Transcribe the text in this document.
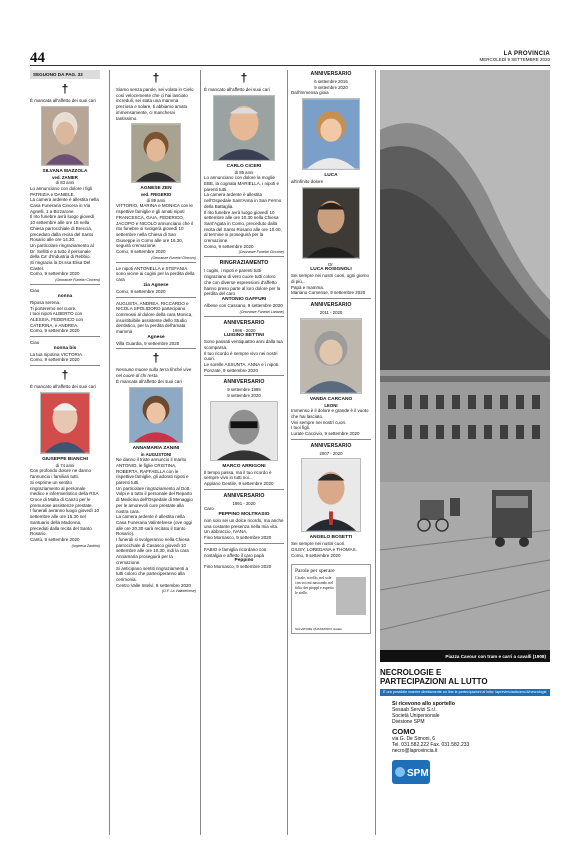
44	LA PROVINCIA
MERCOLEDÌ 9 SETTEMBRE 2020
SEGUONO DA PAG. 32
†
È mancata all'affetto dei suoi cari
SILVANA MAZZOLA
ved. ZANIER
di 83 anni
Lo annunciano con dolore i figli PATRIZIA e DANIELE.
La camera ardente è allestita nella Casa Funeraria Cincera in Via Agnelli, 1 a Bizzarone.
Il rito funebre avrà luogo giovedì 10 settembre alle ore 15 nella Chiesa parrocchiale di Breccia, preceduto dalla recita del Santo Rosario alle ore 14.30.
Un particolare ringraziamento al Dr. Sellitti e a tutto il personale della Ca' d'Industria di Rebbio.
Si ringrazia la Dr.ssa Elisa Del Castel.
Como, 9 settembre 2020
(Onoranze Funebri Cincera)
Ciao
nonna
Riposa serena.
Ti porteremo nel cuore.
I tuoi nipoti ALBERTO con ALESSIA, FEDERICO con CATERINA, e ANDREA.
Como, 9 settembre 2020
Ciao
nonna bis
La tua nipotina VICTORIA.
Como, 9 settembre 2020
†
È mancato all'affetto dei suoi cari
GIUSEPPE BIANCHI
di 74 anni
Con profondo dolore ne danno l'annuncio i familiari tutti.
Si esprime un sentito ringraziamento al personale medico e infermieristico della RSA Croce di Malta di Canzo per le premurose assistenze prestate.
I funerali avranno luogo giovedì 10 settembre alle ore 15.30 nel Santuario della Madonna, preceduti dalla recita del Santo Rosario.
Cantù, 9 settembre 2020
(Impresa Zanfrini)
†
Siamo senza parole, sei volata in Cielo così velocemente che ci hai lasciato increduli, sei stata una mamma preziosa e solare, ti abbiamo amato immensamente, ci mancherai tantissimo.
AGNESE ZEN
ved. FRIGERIO
di 89 anni
VITTORIO, MARINA e MONICA con le rispettive famiglie e gli amati nipoti FRANCESCA, GAIA, FEDERICO, JACOPO e NICOLÒ annunciano che il rito funebre si svolgerà giovedì 10 settembre nella Chiesa di San Giuseppe in Como alle ore 16.30, seguirà cremazione.
Como, 9 settembre 2020
(Onoranze Funebri Dincoro)
Le nipoti ANTONELLA e STEFANIA sono vicine ai cugini per la perdita della cara
zia Agnese
Como, 9 settembre 2020
AUGUSTA, ANDREA, RICCARDO e NICOLA SPOLIDORO partecipano commossi al dolore della cara Monica, insostituibile assistente dello Studio dentistico, per la perdita dell'amata mamma
Agnese
Villa Guardia, 9 settembre 2020
†
Nessuno muore sulla terra finché vive nel cuore di chi resta.
È mancata all'affetto dei suoi cari
ANNAMARIA ZANINI
in AUGUSTONI
Ne danno il triste annuncio il marito ANTONIO, le figlie CRISTINA, ROBERTA, RAFFAELLA con le rispettive famiglie, gli adorati nipoti e parenti tutti.
Un particolare ringraziamento al Dott. Volpi e a tutto il personale del Reparto di Medicina dell'Ospedale di Menaggio per le amorevoli cure prestate alla nostra cara.
La camera ardente è allestita nella Casa Funeraria Valintelvese (ove oggi alle ore 20.30 sarà recitato il Santo Rosario).
I funerali si svolgeranno nella Chiesa parrocchiale di Casasco giovedì 10 settembre alle ore 10.30, indi la cara Annamaria proseguirà per la cremazione.
Si anticipano sentiti ringraziamenti a tutti coloro che parteciperanno alla cerimonia.
Centro Valle Intelvi, 9 settembre 2020
(O.F. La Valintelvese)
†
È mancato all'affetto dei suoi cari
CARLO CICERI
di 85 anni
Lo annunciano con dolore la moglie EBE, la cognata MARIELLA, i nipoti e parenti tutti.
La camera ardente è allestita nell'Ospedale Sant'Anna in San Fermo della Battaglia.
Il rito funebre avrà luogo giovedì 10 settembre alle ore 10.30 nella Chiesa Sant'Agata in Como, preceduto dalla recita del Santo Rosario alle ore 10.00, al termine si proseguirà per la cremazione.
Como, 9 settembre 2020
(Onoranze Funebri Ciccone)
RINGRAZIAMENTO
I cugini, i nipoti e parenti tutti ringraziano di vero cuore tutti coloro che con diverse espressioni d'affetto hanno preso parte al loro dolore per la perdita del caro
ANTONIO GAFFURI
Albese con Cassano, 9 settembre 2020
(Onoranze Funebri Lariane)
ANNIVERSARIO
1996 - 2020
LUIGINO BETTINI
Sono passati ventiquattro anni dalla tua scomparsa.
Il tuo ricordo è sempre vivo nei nostri cuori.
Le sorelle ASSUNTA, ANNA e i nipoti.
Ponzate, 9 settembre 2020
ANNIVERSARIO
9 settembre 1995
9 settembre 2020
MARCO ARRIGONI
Il tempo passa, ma il tuo ricordo è sempre vivo in tutti noi...
Appiano Gentile, 9 settembre 2020
ANNIVERSARIO
1991 - 2020
Caro
PEPPINO MOLTRASIO
non solo sei un dolce ricordo, ma anche una costante presenza nella mia vita.
Un abbraccio, IVANA.
Fino Mornasco, 9 settembre 2020
FABIO e famiglia ricordano con nostalgia e affetto il caro papà
Peppino
Fino Mornasco, 9 settembre 2020
ANNIVERSARIO
6 settembre 2016
9 settembre 2020
Dall'immensa gioia
LUCA
all'infinito dolore
Dr.
LUCA ROSIGNOLI
Sei sempre nei nostri cuori, ogni giorno di più...
Papà e mamma.
Mariano Comense, 9 settembre 2020
ANNIVERSARIO
2011 - 2020
VANDA CARCANO
LEONI
Immenso è il dolore e grande è il vuoto che hai lasciato.
Vivi sempre nei nostri cuori.
I tuoi figli.
Lurate Caccivio, 9 settembre 2020
ANNIVERSARIO
2007 - 2020
ANGELO BOSETTI
Sei sempre nei nostri cuori.
GIUSY, LOREDANA e THOMAS.
Como, 9 settembre 2020
Parole per sperare
Cicale, scrollo, nel sole con voi mi nascondo nel folto dei pioppi e aspetto le stelle.
SALVATORE QUASIMODO, Estate
Piazza Cavour con tram e carri a cavalli (1908)
NECROLOGIE E
PARTECIPAZIONI AL LUTTO
È ora possibile inserire direttamente on line le partecipazioni al lutto: lapreviniciadicomo.it/necrologie
Si ricevono allo sportello
Sesaab Servizi S.r.l.
Società Unipersonale
Divisione SPM
COMO
via G. De Simoni, 6
Tel. 031.582.222 Fax. 031.582.233
necro@laprovincia.it
SPM
